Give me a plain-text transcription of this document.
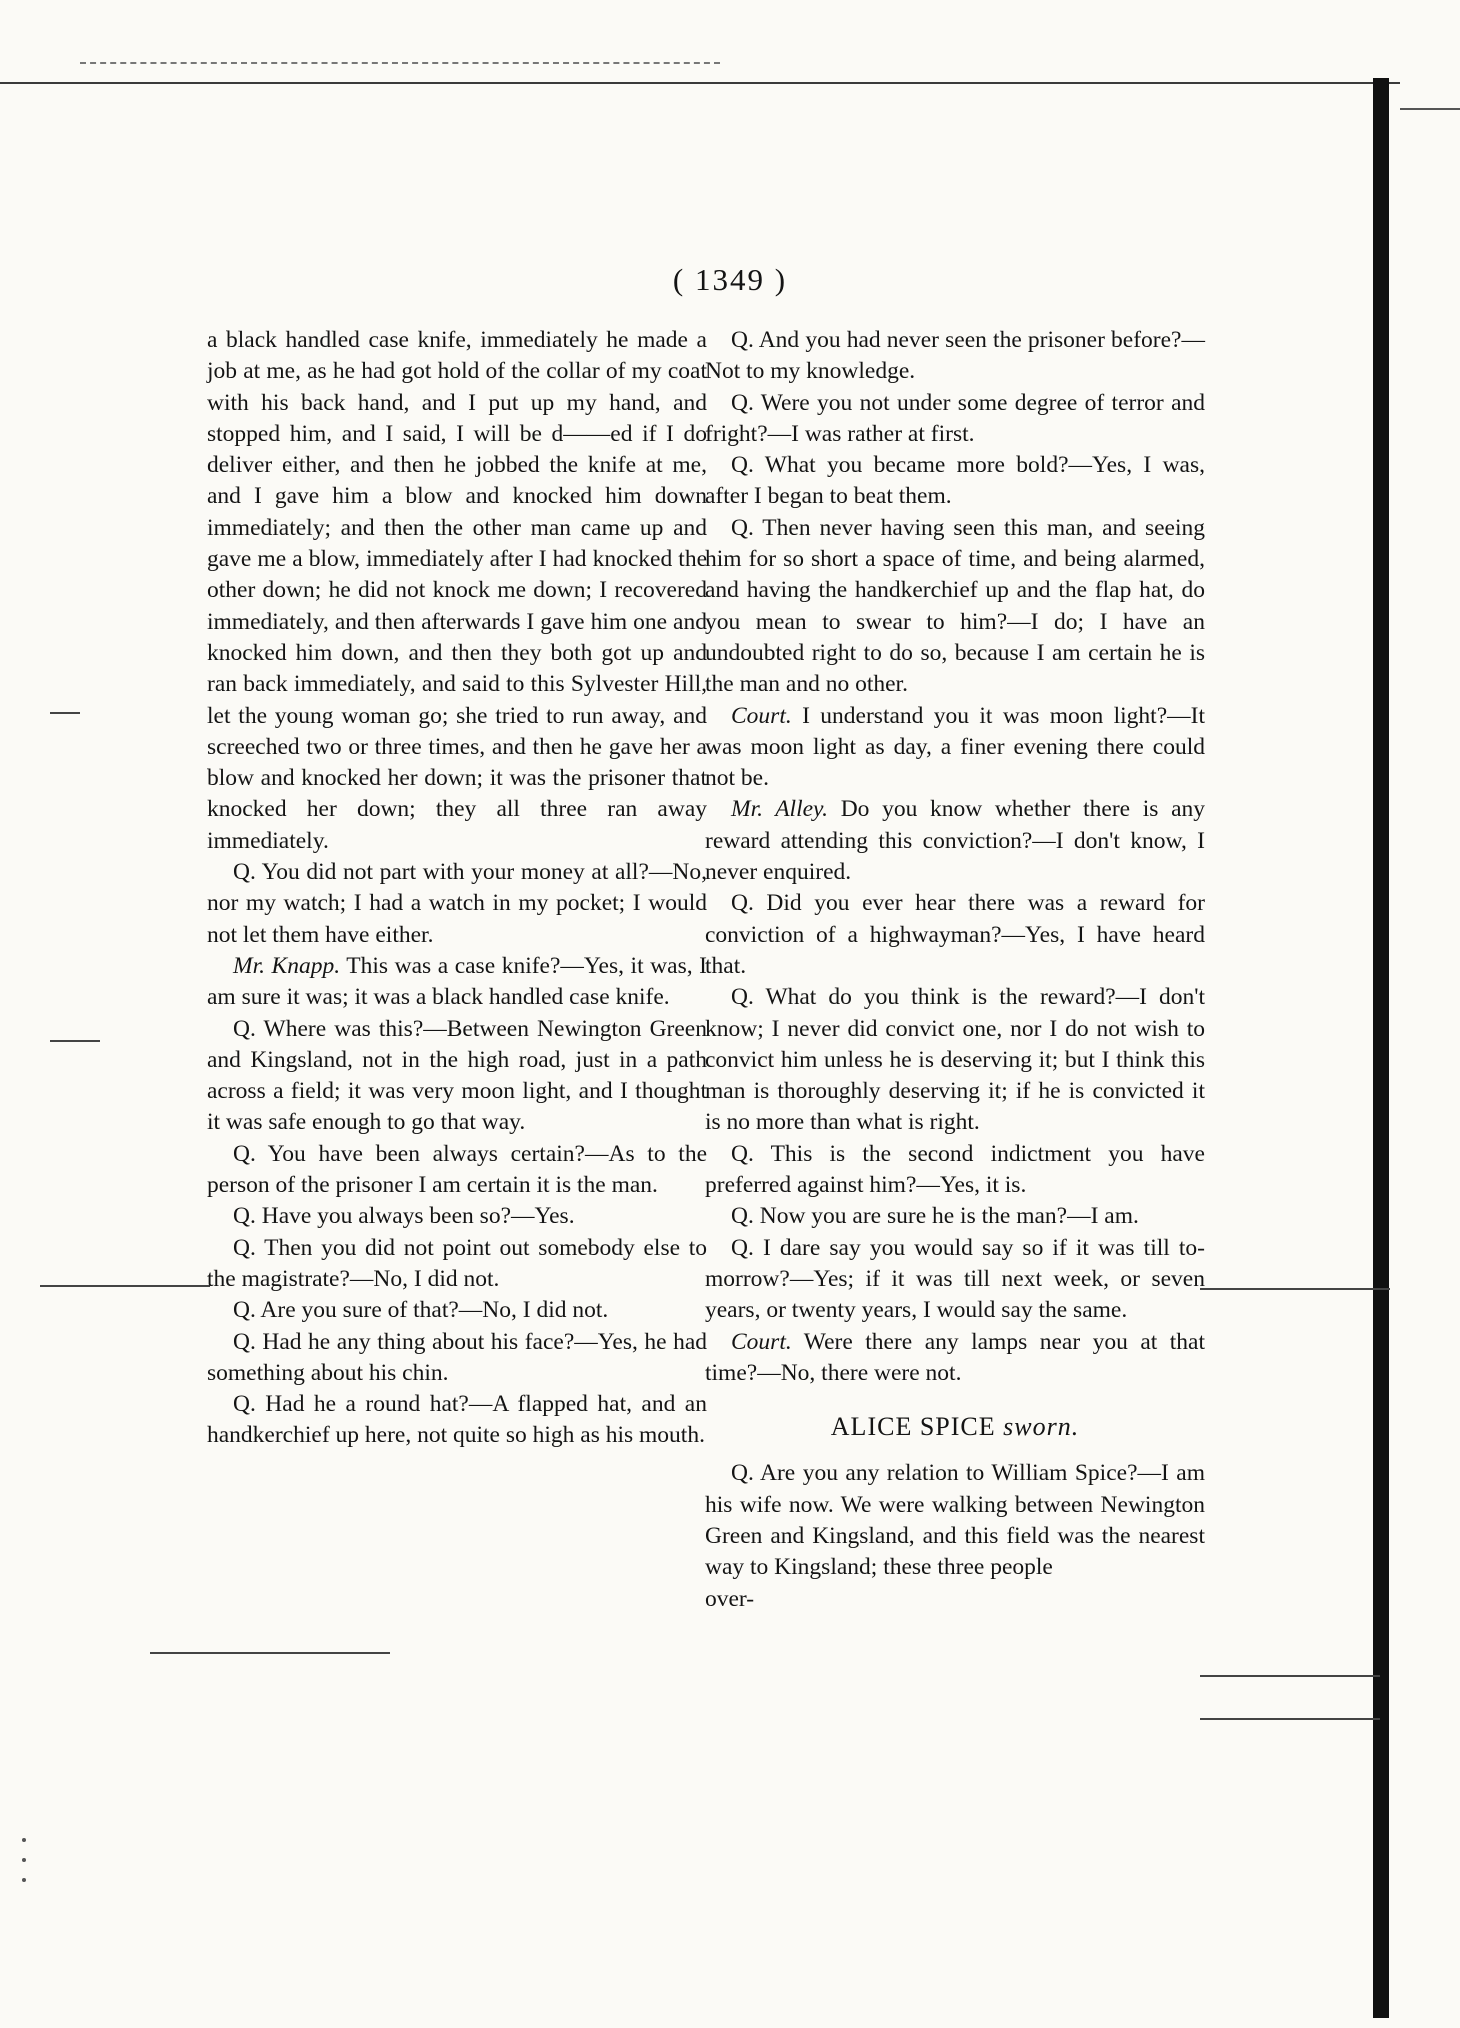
( 1349 )

a black handled case knife, immediately he made a job at me, as he had got hold of the collar of my coat with his back hand, and I put up my hand, and stopped him, and I said, I will be d——ed if I do deliver either, and then he jobbed the knife at me, and I gave him a blow and knocked him down immediately; and then the other man came up and gave me a blow, immediately after I had knocked the other down; he did not knock me down; I recovered immediately, and then afterwards I gave him one and knocked him down, and then they both got up and ran back immediately, and said to this Sylvester Hill, let the young woman go; she tried to run away, and screeched two or three times, and then he gave her a blow and knocked her down; it was the prisoner that knocked her down; they all three ran away immediately.

Q. You did not part with your money at all?—No, nor my watch; I had a watch in my pocket; I would not let them have either.

Mr. Knapp. This was a case knife?—Yes, it was, I am sure it was; it was a black handled case knife.

Q. Where was this?—Between Newington Green and Kingsland, not in the high road, just in a path across a field; it was very moon light, and I thought it was safe enough to go that way.

Q. You have been always certain?—As to the person of the prisoner I am certain it is the man.

Q. Have you always been so?—Yes.

Q. Then you did not point out somebody else to the magistrate?—No, I did not.

Q. Are you sure of that?—No, I did not.

Q. Had he any thing about his face?—Yes, he had something about his chin.

Q. Had he a round hat?—A flapped hat, and an handkerchief up here, not quite so high as his mouth.

Q. And you had never seen the prisoner before?—Not to my knowledge.

Q. Were you not under some degree of terror and fright?—I was rather at first.

Q. What you became more bold?—Yes, I was, after I began to beat them.

Q. Then never having seen this man, and seeing him for so short a space of time, and being alarmed, and having the handkerchief up and the flap hat, do you mean to swear to him?—I do; I have an undoubted right to do so, because I am certain he is the man and no other.

Court. I understand you it was moon light?—It was moon light as day, a finer evening there could not be.

Mr. Alley. Do you know whether there is any reward attending this conviction?—I don't know, I never enquired.

Q. Did you ever hear there was a reward for conviction of a highwayman?—Yes, I have heard that.

Q. What do you think is the reward?—I don't know; I never did convict one, nor I do not wish to convict him unless he is deserving it; but I think this man is thoroughly deserving it; if he is convicted it is no more than what is right.

Q. This is the second indictment you have preferred against him?—Yes, it is.

Q. Now you are sure he is the man?—I am.

Q. I dare say you would say so if it was till to-morrow?—Yes; if it was till next week, or seven years, or twenty years, I would say the same.

Court. Were there any lamps near you at that time?—No, there were not.

ALICE SPICE sworn.

Q. Are you any relation to William Spice?—I am his wife now. We were walking between Newington Green and Kingsland, and this field was the nearest way to Kingsland; these three people

over-
